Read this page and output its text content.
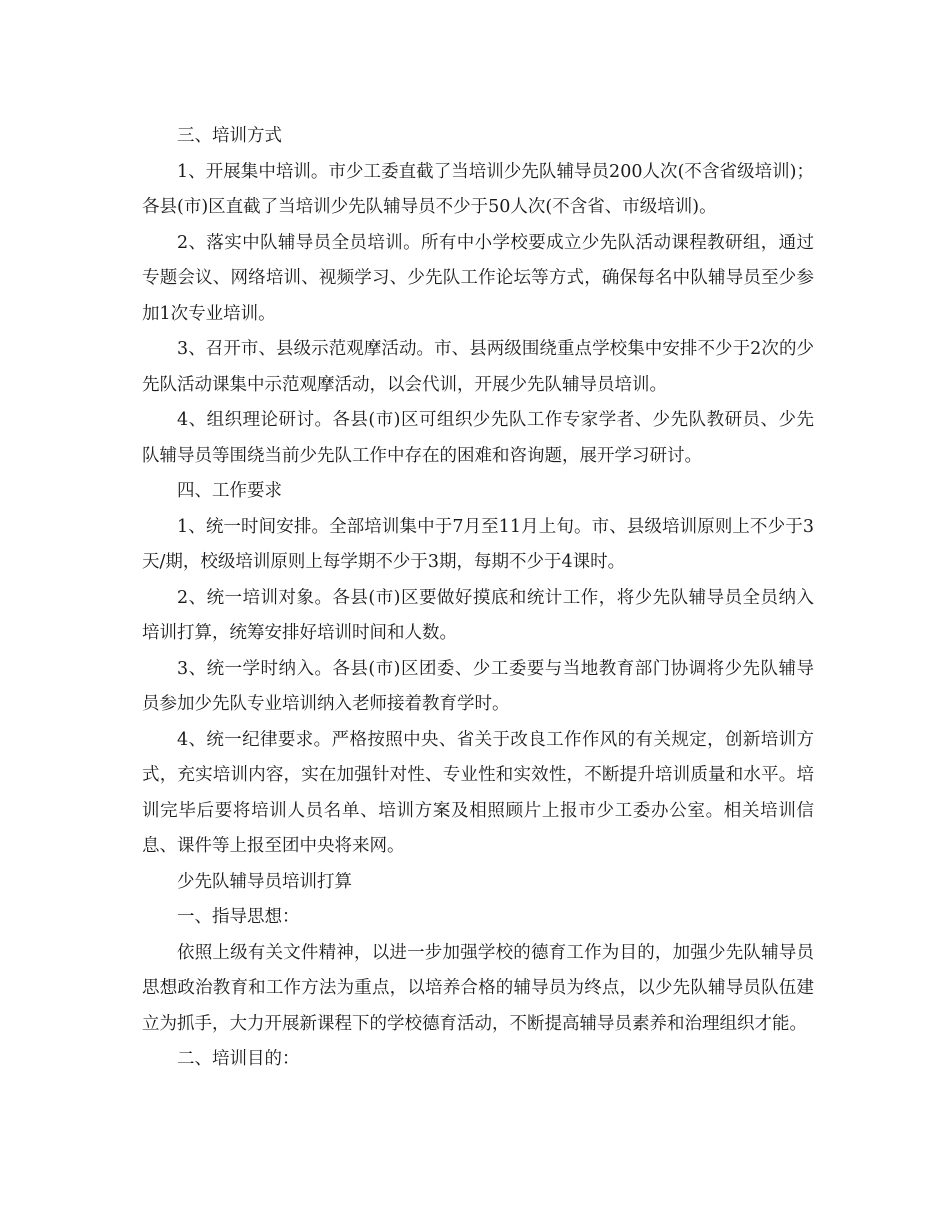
三、培训方式

1、开展集中培训。市少工委直截了当培训少先队辅导员200人次(不含省级培训)；各县(市)区直截了当培训少先队辅导员不少于50人次(不含省、市级培训)。

2、落实中队辅导员全员培训。所有中小学校要成立少先队活动课程教研组，通过专题会议、网络培训、视频学习、少先队工作论坛等方式，确保每名中队辅导员至少参加1次专业培训。

3、召开市、县级示范观摩活动。市、县两级围绕重点学校集中安排不少于2次的少先队活动课集中示范观摩活动，以会代训，开展少先队辅导员培训。

4、组织理论研讨。各县(市)区可组织少先队工作专家学者、少先队教研员、少先队辅导员等围绕当前少先队工作中存在的困难和咨询题，展开学习研讨。

四、工作要求

1、统一时间安排。全部培训集中于7月至11月上旬。市、县级培训原则上不少于3天/期，校级培训原则上每学期不少于3期，每期不少于4课时。

2、统一培训对象。各县(市)区要做好摸底和统计工作，将少先队辅导员全员纳入培训打算，统筹安排好培训时间和人数。

3、统一学时纳入。各县(市)区团委、少工委要与当地教育部门协调将少先队辅导员参加少先队专业培训纳入老师接着教育学时。

4、统一纪律要求。严格按照中央、省关于改良工作作风的有关规定，创新培训方式，充实培训内容，实在加强针对性、专业性和实效性，不断提升培训质量和水平。培训完毕后要将培训人员名单、培训方案及相照顾片上报市少工委办公室。相关培训信息、课件等上报至团中央将来网。

少先队辅导员培训打算

一、指导思想：

依照上级有关文件精神，以进一步加强学校的德育工作为目的，加强少先队辅导员思想政治教育和工作方法为重点，以培养合格的辅导员为终点，以少先队辅导员队伍建立为抓手，大力开展新课程下的学校德育活动，不断提高辅导员素养和治理组织才能。

二、培训目的：
